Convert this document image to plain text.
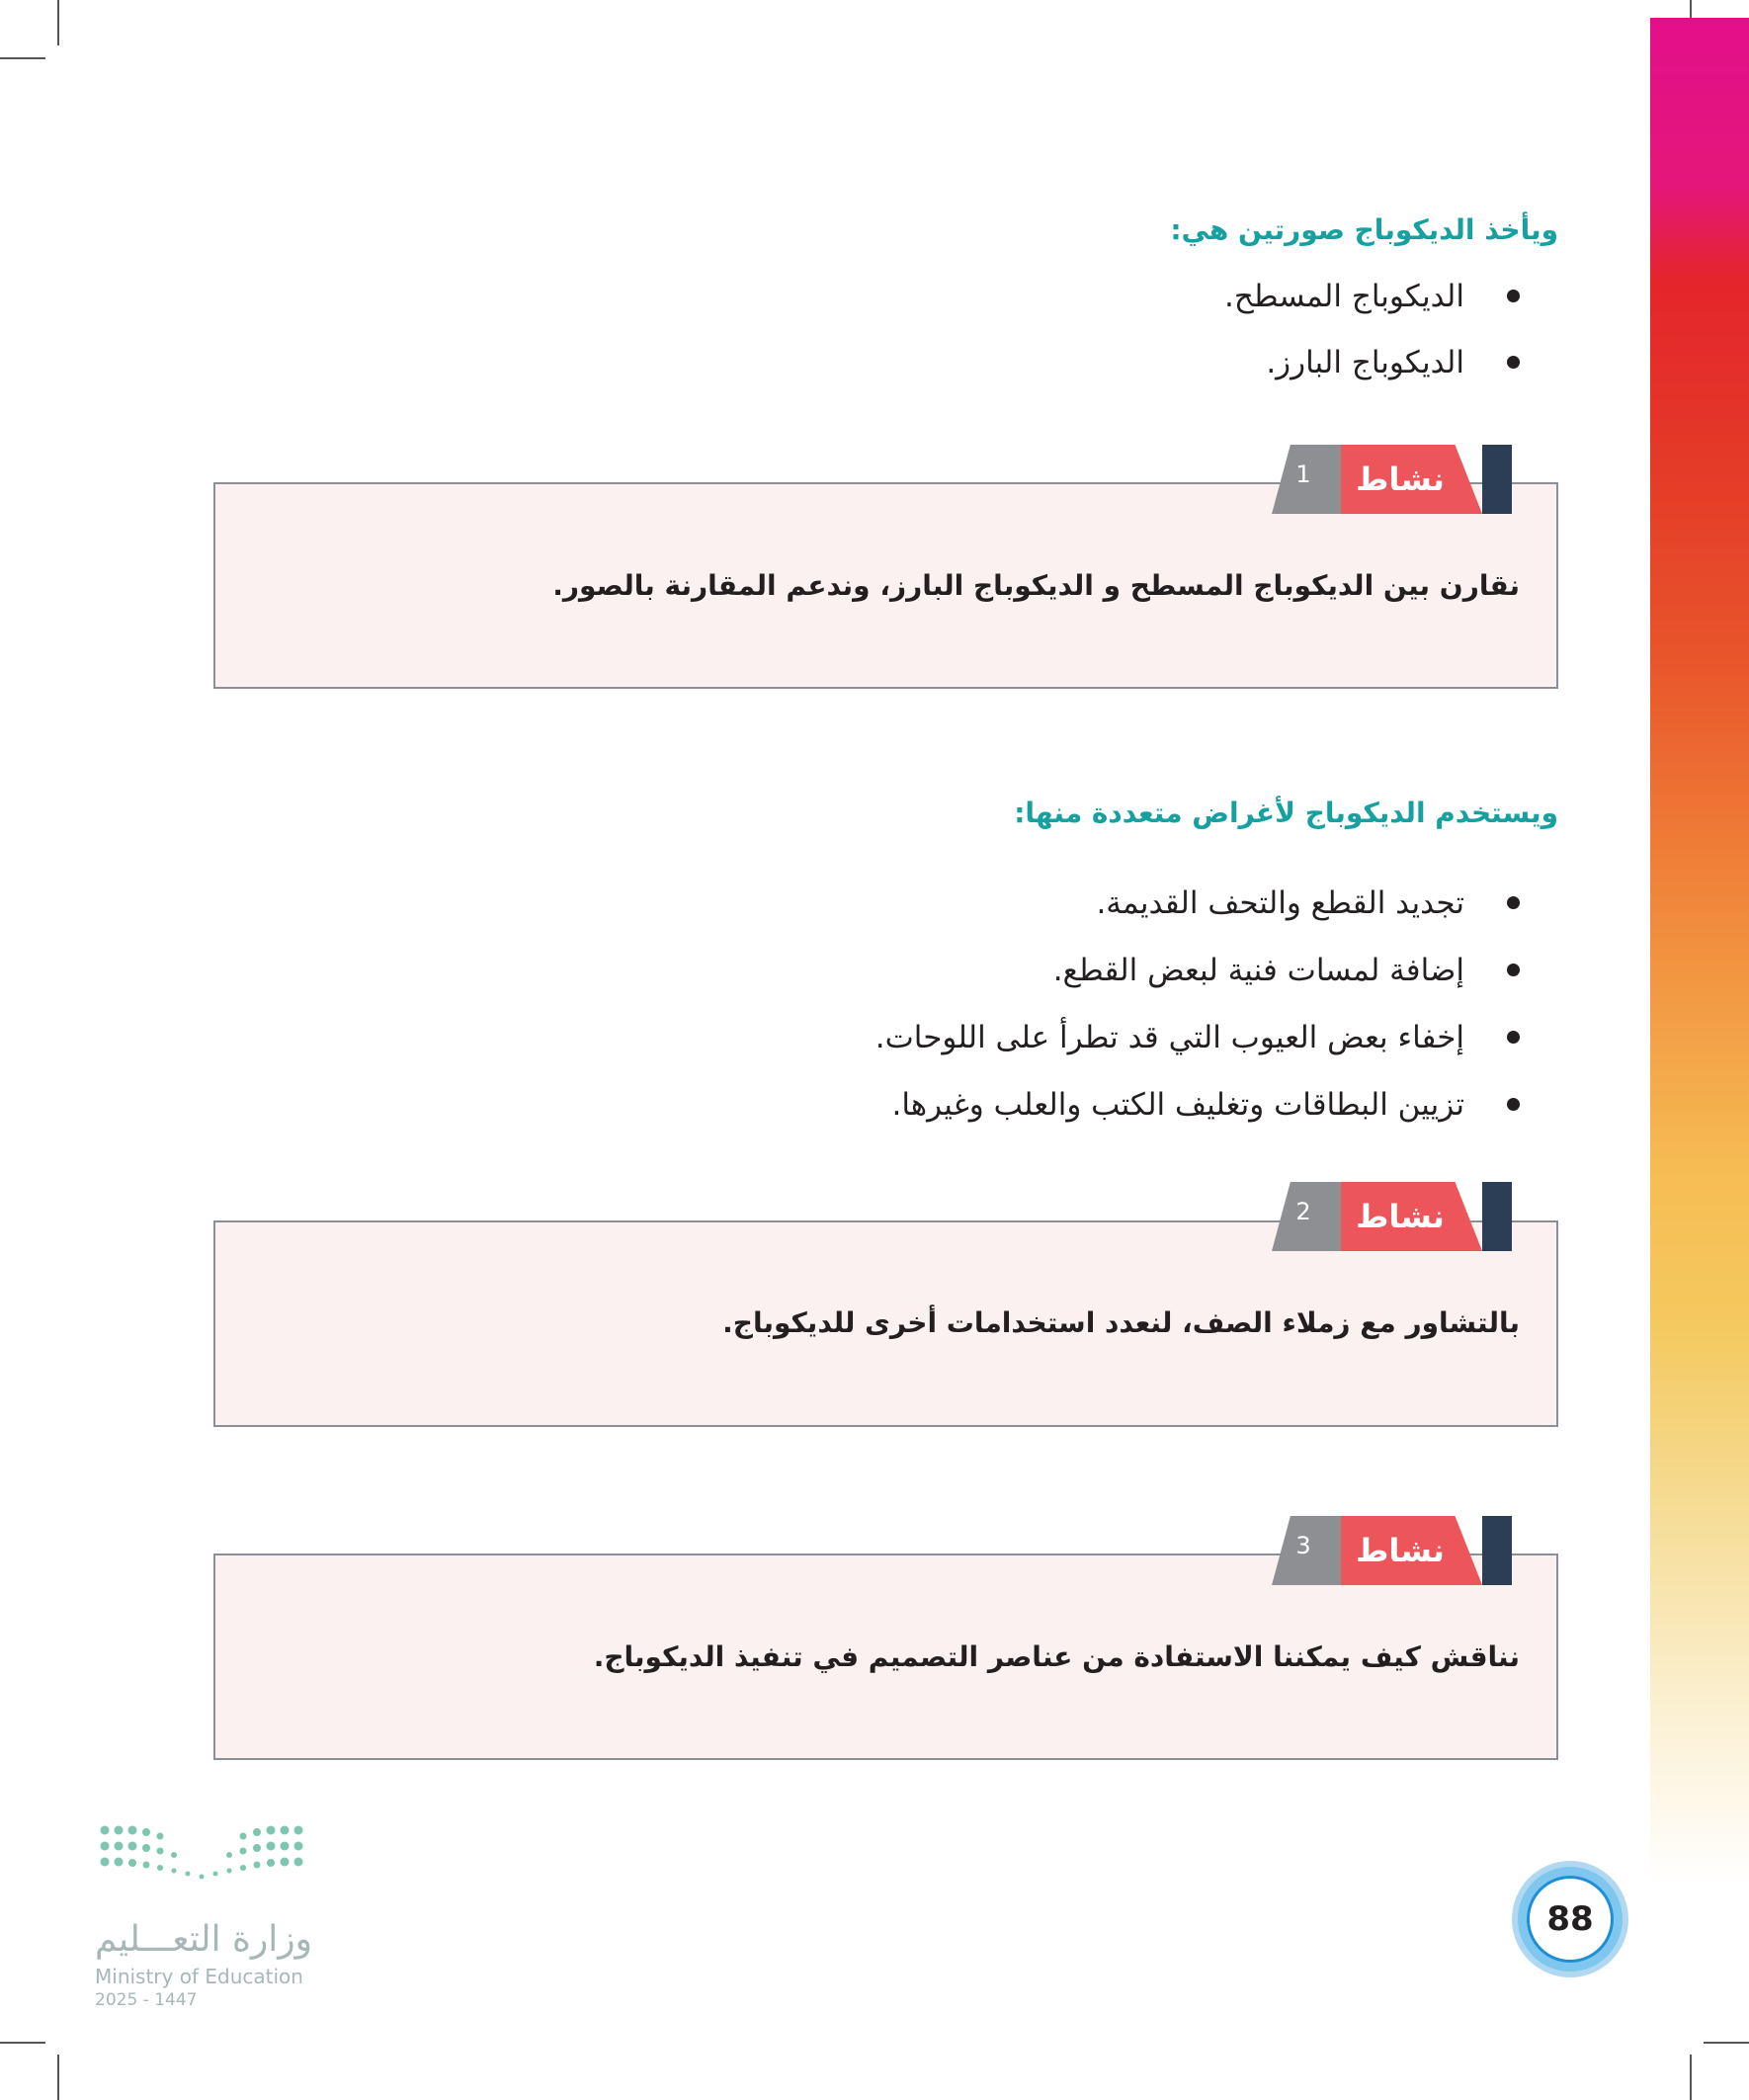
ويأخذ الديكوباج صورتين هي:
الديكوباج المسطح.
الديكوباج البارز.
نشاط
1

نقارن بين الديكوباج المسطح و الديكوباج البارز، وندعم المقارنة بالصور.

ويستخدم الديكوباج لأغراض متعددة منها:
تجديد القطع والتحف القديمة.
إضافة لمسات فنية لبعض القطع.
إخفاء بعض العيوب التي قد تطرأ على اللوحات.
تزيين البطاقات وتغليف الكتب والعلب وغيرها.
نشاط
2

بالتشاور مع زملاء الصف، لنعدد استخدامات أخرى للديكوباج.

نشاط
3

نناقش كيف يمكننا الاستفادة من عناصر التصميم في تنفيذ الديكوباج.

وزارة التعـــليم
Ministry of Education
2025 - 1447
88
